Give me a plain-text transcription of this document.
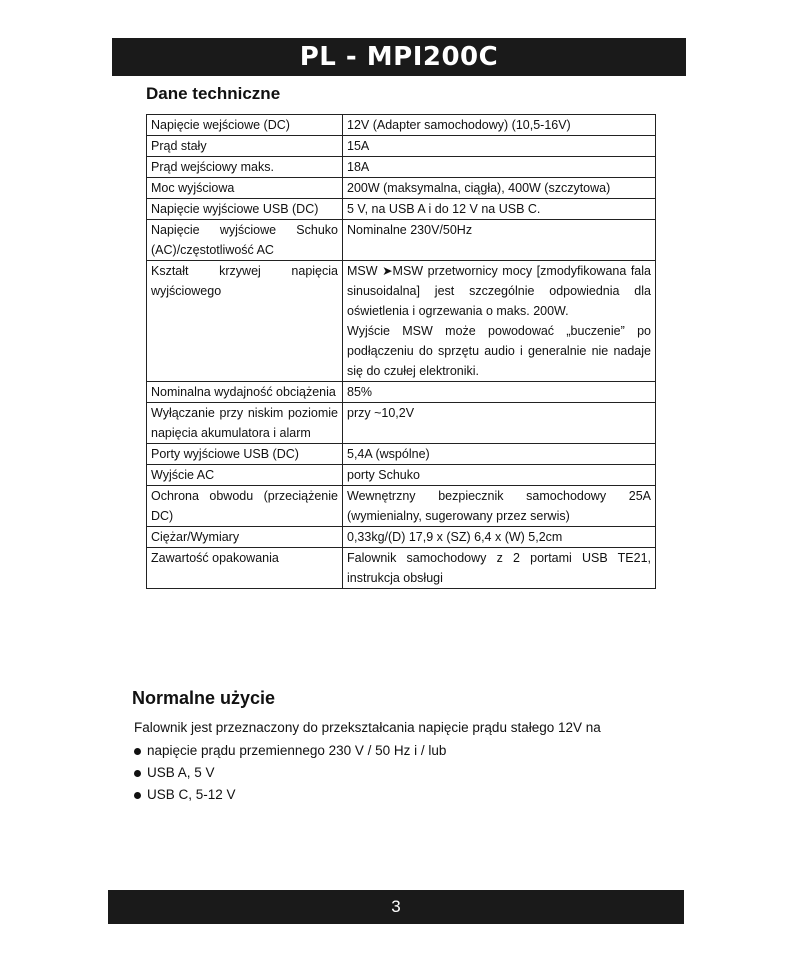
PL - MPI200C
Dane techniczne
Napięcie wejściowe (DC)	12V (Adapter samochodowy) (10,5-16V)
Prąd stały	15A
Prąd wejściowy maks.	18A
Moc wyjściowa	200W (maksymalna, ciągła), 400W (szczytowa)
Napięcie wyjściowe USB (DC)	5 V, na USB A i do 12 V na USB C.
Napięcie wyjściowe Schuko (AC)/częstotliwość AC	Nominalne 230V/50Hz
Kształt krzywej napięcia wyjściowego	MSW ➤MSW przetwornicy mocy [zmodyfikowana fala sinusoidalna] jest szczególnie odpowiednia dla oświetlenia i ogrzewania o maks. 200W.
Wyjście MSW może powodować „buczenie” po podłączeniu do sprzętu audio i generalnie nie nadaje się do czułej elektroniki.

Nominalna wydajność obciążenia	85%
Wyłączanie przy niskim poziomie napięcia akumulatora i alarm	przy ~10,2V
Porty wyjściowe USB (DC)	5,4A (wspólne)
Wyjście AC	porty Schuko
Ochrona obwodu (przeciążenie DC)	Wewnętrzny bezpiecznik samochodowy 25A (wymienialny, sugerowany przez serwis)
Ciężar/Wymiary	0,33kg/(D) 17,9 x (SZ) 6,4 x (W) 5,2cm
Zawartość opakowania	Falownik samochodowy z 2 portami USB TE21, instrukcja obsługi
Normalne użycie
Falownik jest przeznaczony do przekształcania napięcie prądu stałego 12V na
napięcie prądu przemiennego 230 V / 50 Hz i / lub
USB A, 5 V
USB C, 5-12 V
3
